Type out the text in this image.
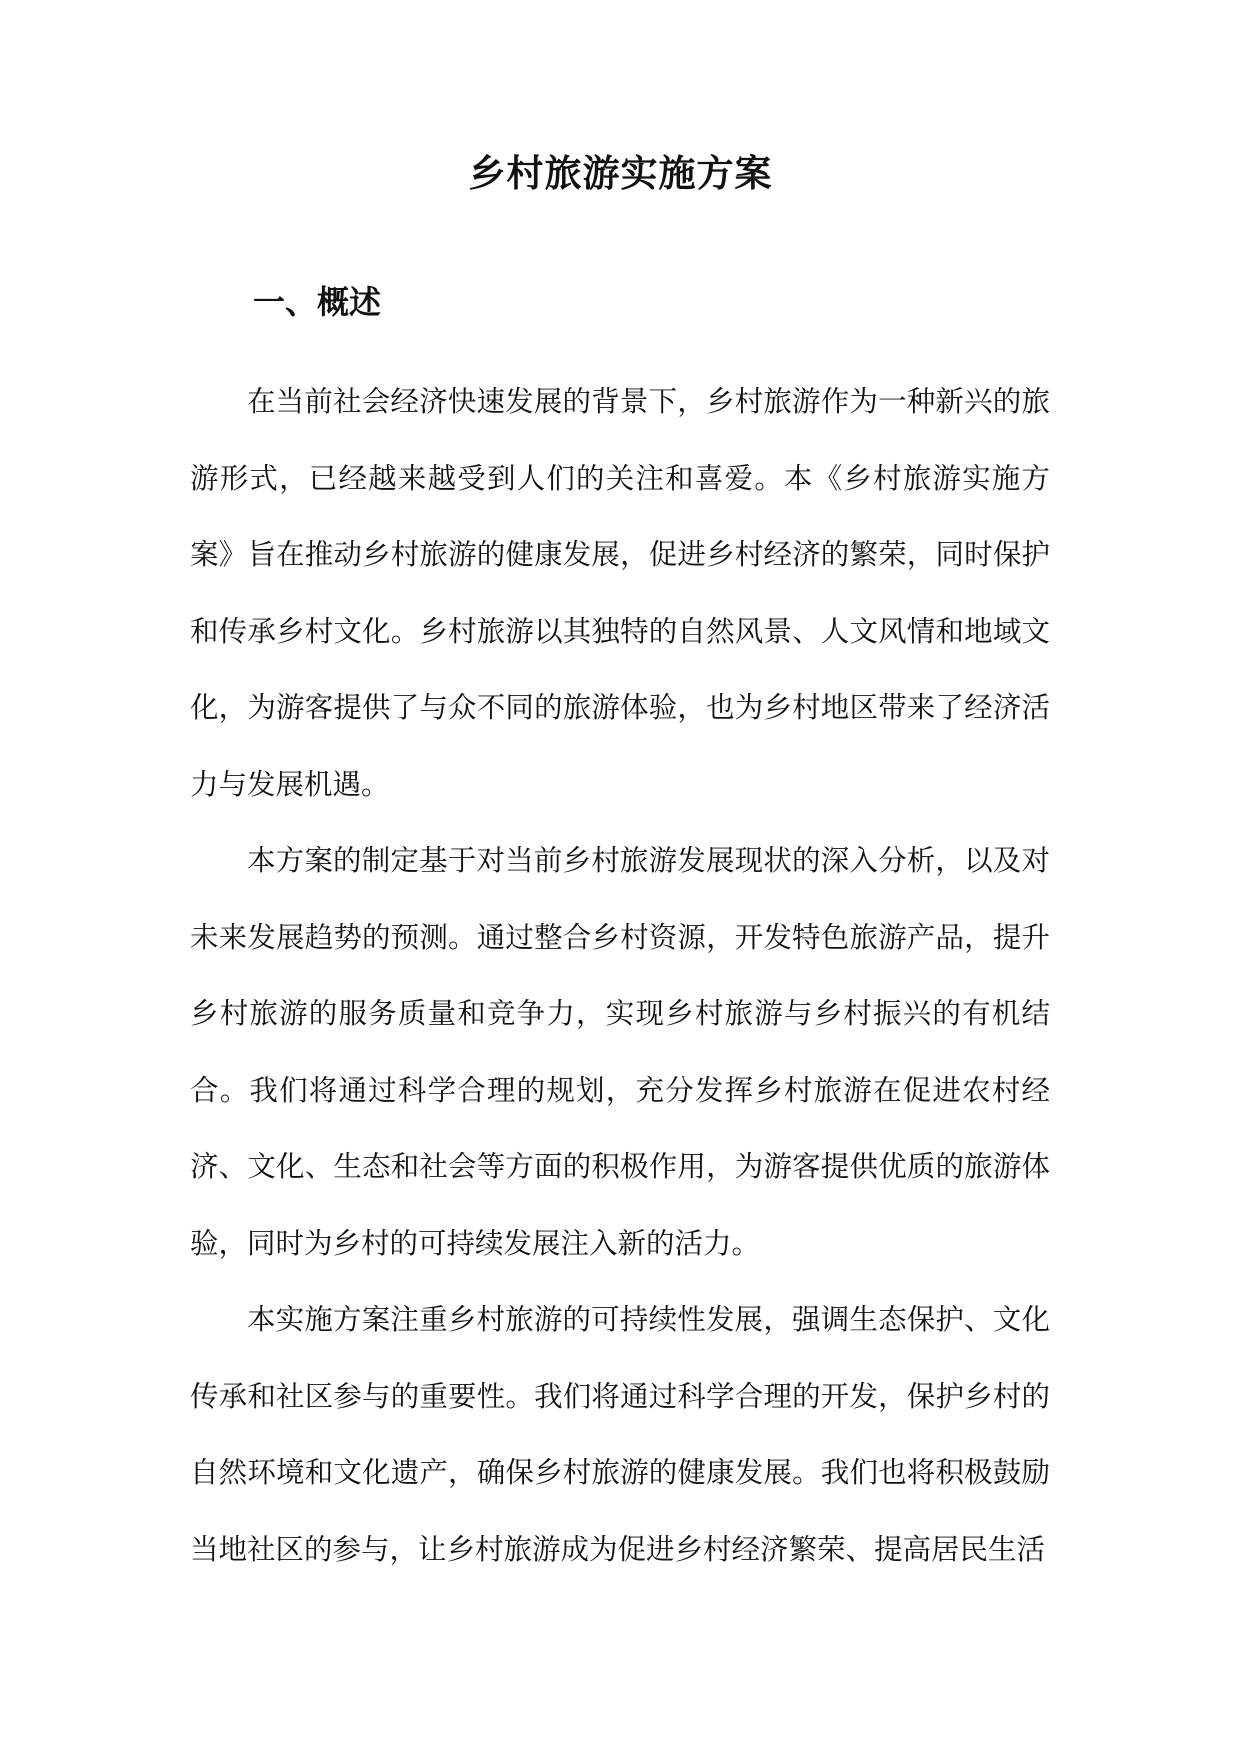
乡村旅游实施方案
一、概述

在当前社会经济快速发展的背景下，乡村旅游作为一种新兴的旅游形式，已经越来越受到人们的关注和喜爱。本《乡村旅游实施方案》旨在推动乡村旅游的健康发展，促进乡村经济的繁荣，同时保护和传承乡村文化。乡村旅游以其独特的自然风景、人文风情和地域文化，为游客提供了与众不同的旅游体验，也为乡村地区带来了经济活力与发展机遇。

本方案的制定基于对当前乡村旅游发展现状的深入分析，以及对未来发展趋势的预测。通过整合乡村资源，开发特色旅游产品，提升乡村旅游的服务质量和竞争力，实现乡村旅游与乡村振兴的有机结合。我们将通过科学合理的规划，充分发挥乡村旅游在促进农村经济、文化、生态和社会等方面的积极作用，为游客提供优质的旅游体验，同时为乡村的可持续发展注入新的活力。

本实施方案注重乡村旅游的可持续性发展，强调生态保护、文化传承和社区参与的重要性。我们将通过科学合理的开发，保护乡村的自然环境和文化遗产，确保乡村旅游的健康发展。我们也将积极鼓励当地社区的参与，让乡村旅游成为促进乡村经济繁荣、提高居民生活
